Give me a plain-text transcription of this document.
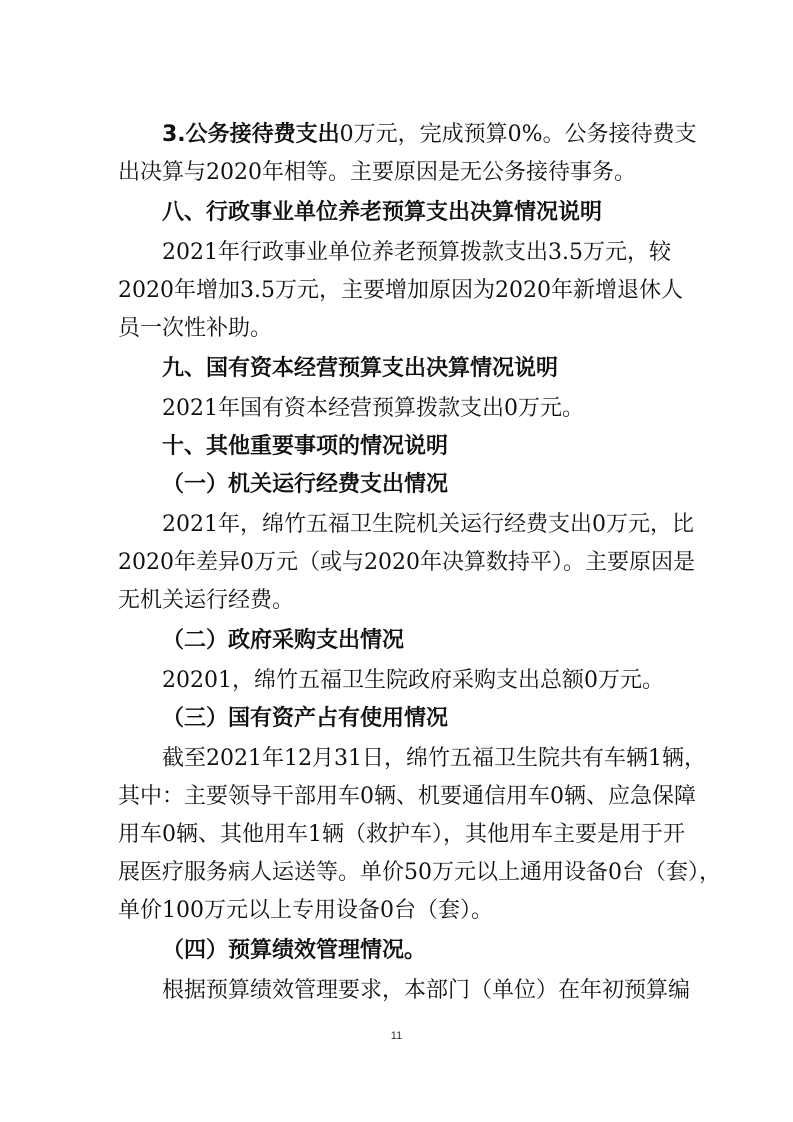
3.公务接待费支出0万元，完成预算0%。公务接待费支
出决算与2020年相等。主要原因是无公务接待事务。
八、行政事业单位养老预算支出决算情况说明
2021年行政事业单位养老预算拨款支出3.5万元，较
2020年增加3.5万元，主要增加原因为2020年新增退休人
员一次性补助。
九、国有资本经营预算支出决算情况说明
2021年国有资本经营预算拨款支出0万元。
十、其他重要事项的情况说明
（一）机关运行经费支出情况
2021年，绵竹五福卫生院机关运行经费支出0万元，比
2020年差异0万元（或与2020年决算数持平）。主要原因是
无机关运行经费。
（二）政府采购支出情况
20201，绵竹五福卫生院政府采购支出总额0万元。
（三）国有资产占有使用情况
截至2021年12月31日，绵竹五福卫生院共有车辆1辆，
其中：主要领导干部用车0辆、机要通信用车0辆、应急保障
用车0辆、其他用车1辆（救护车），其他用车主要是用于开
展医疗服务病人运送等。单价50万元以上通用设备0台（套），
单价100万元以上专用设备0台（套）。
（四）预算绩效管理情况。
根据预算绩效管理要求，本部门（单位）在年初预算编
11
